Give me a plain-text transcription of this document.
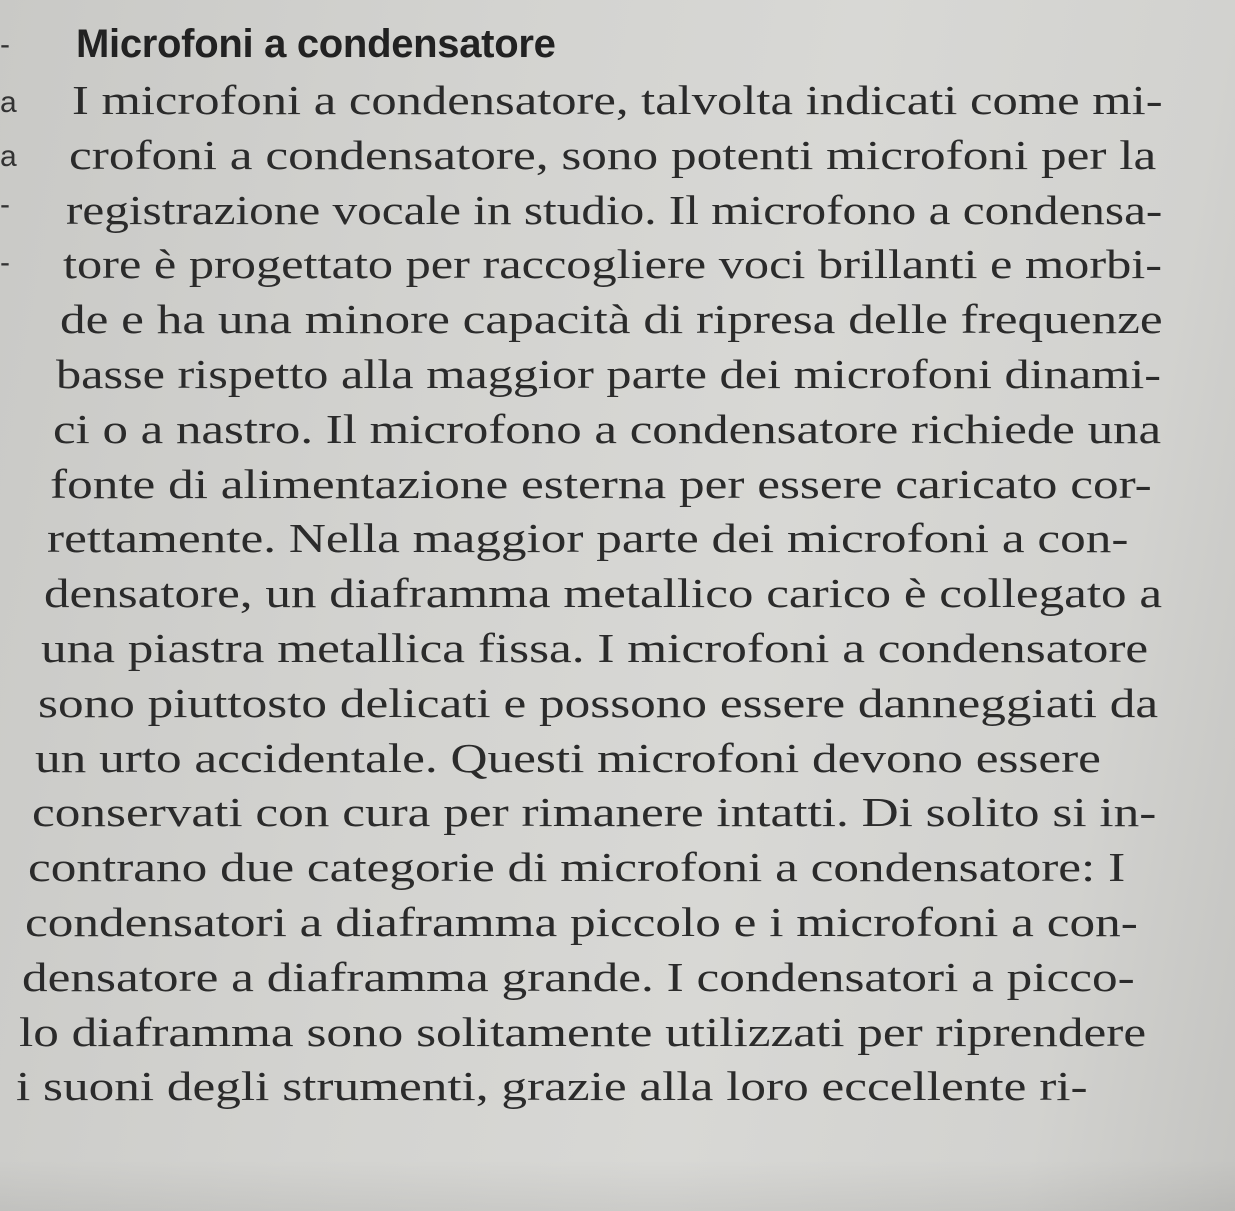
-
a
a
-
-
Microfoni a condensatore
I microfoni a condensatore, talvolta indicati come mi-
crofoni a condensatore, sono potenti microfoni per la
registrazione vocale in studio. Il microfono a condensa-
tore è progettato per raccogliere voci brillanti e morbi-
de e ha una minore capacità di ripresa delle frequenze
basse rispetto alla maggior parte dei microfoni dinami-
ci o a nastro. Il microfono a condensatore richiede una
fonte di alimentazione esterna per essere caricato cor-
rettamente. Nella maggior parte dei microfoni a con-
densatore, un diaframma metallico carico è collegato a
una piastra metallica fissa. I microfoni a condensatore
sono piuttosto delicati e possono essere danneggiati da
un urto accidentale. Questi microfoni devono essere
conservati con cura per rimanere intatti. Di solito si in-
contrano due categorie di microfoni a condensatore: I
condensatori a diaframma piccolo e i microfoni a con-
densatore a diaframma grande. I condensatori a picco-
lo diaframma sono solitamente utilizzati per riprendere
i suoni degli strumenti, grazie alla loro eccellente ri-
